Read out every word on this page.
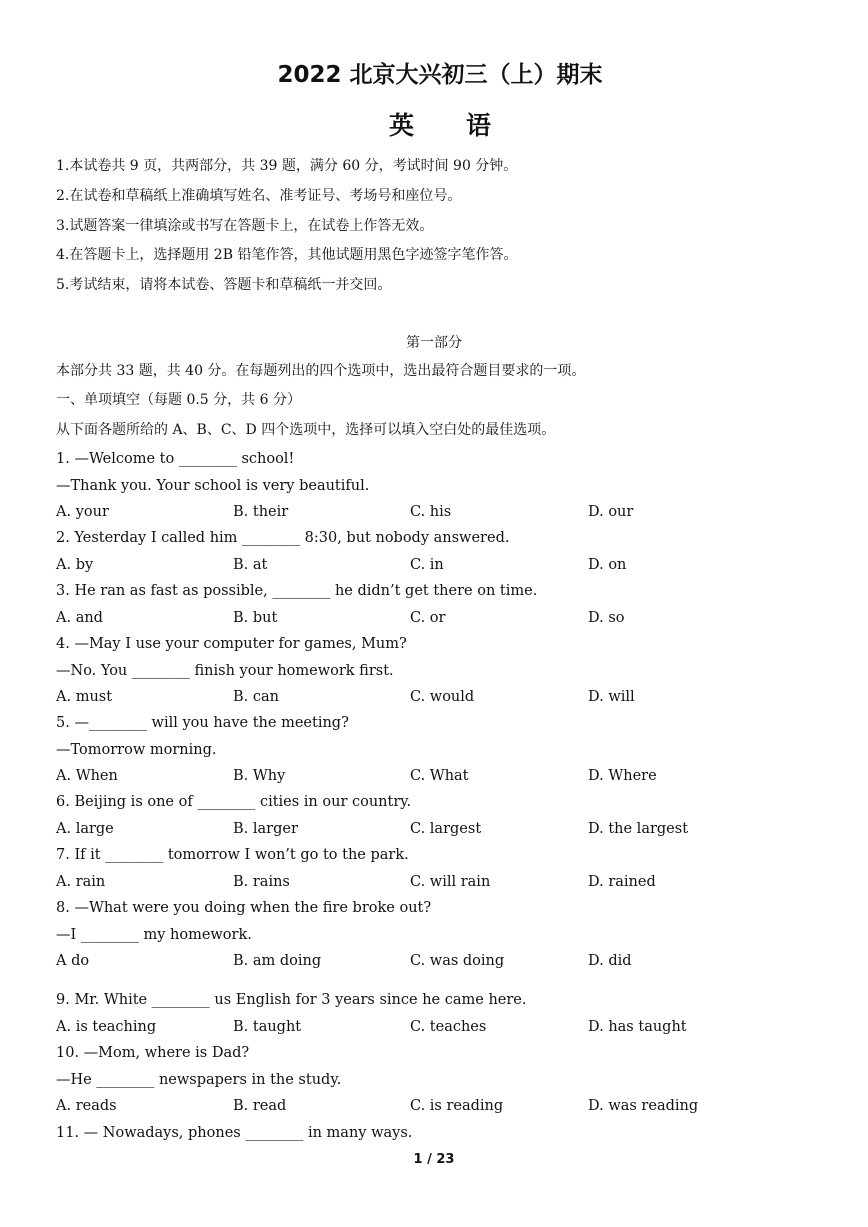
2022 北京大兴初三（上）期末
英 语
1.本试卷共 9 页，共两部分，共 39 题，满分 60 分，考试时间 90 分钟。
2.在试卷和草稿纸上准确填写姓名、准考证号、考场号和座位号。
3.试题答案一律填涂或书写在答题卡上，在试卷上作答无效。
4.在答题卡上，选择题用 2B 铅笔作答，其他试题用黑色字迹签字笔作答。
5.考试结束，请将本试卷、答题卡和草稿纸一并交回。
第一部分
本部分共 33 题，共 40 分。在每题列出的四个选项中，选出最符合题目要求的一项。
一、单项填空（每题 0.5 分，共 6 分）
从下面各题所给的 A、B、C、D 四个选项中，选择可以填入空白处的最佳选项。
1. —Welcome to ________ school!
—Thank you. Your school is very beautiful.
A. your	B. their	C. his	D. our
2. Yesterday I called him ________ 8:30, but nobody answered.
A. by	B. at	C. in	D. on
3. He ran as fast as possible, ________ he didn’t get there on time.
A. and	B. but	C. or	D. so
4. —May I use your computer for games, Mum?
—No. You ________ finish your homework first.
A. must	B. can	C. would	D. will
5. —________ will you have the meeting?
—Tomorrow morning.
A. When	B. Why	C. What	D. Where
6. Beijing is one of ________ cities in our country.
A. large	B. larger	C. largest	D. the largest
7. If it ________ tomorrow I won’t go to the park.
A. rain	B. rains	C. will rain	D. rained
8. —What were you doing when the fire broke out?
—I ________ my homework.
A do	B. am doing	C. was doing	D. did
9. Mr. White ________ us English for 3 years since he came here.
A. is teaching	B. taught	C. teaches	D. has taught
10. —Mom, where is Dad?
—He ________ newspapers in the study.
A. reads	B. read	C. is reading	D. was reading
11. — Nowadays, phones ________ in many ways.
1 / 23
